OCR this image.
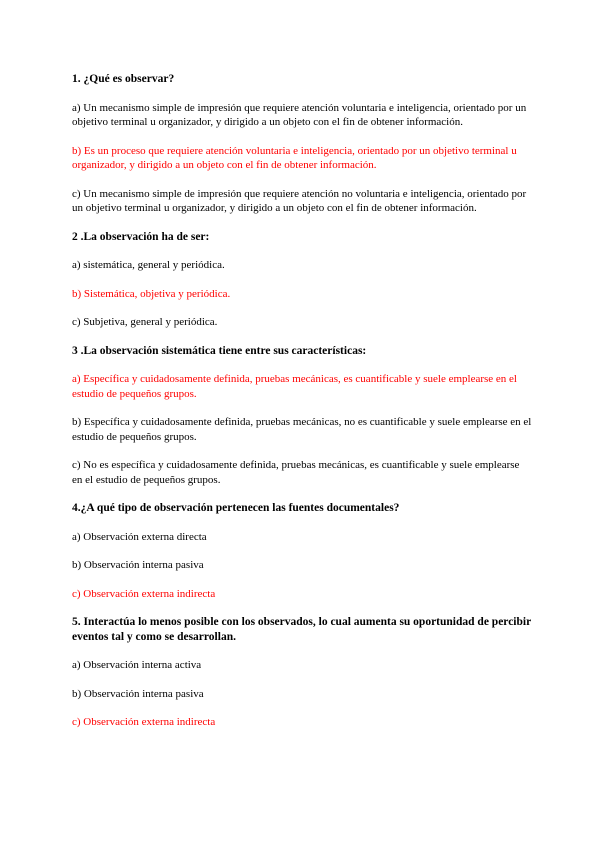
1. ¿Qué es observar?

a) Un mecanismo simple de impresión que requiere atención voluntaria e inteligencia, orientado por un objetivo terminal u organizador, y dirigido a un objeto con el fin de obtener información.

b) Es un proceso que requiere atención voluntaria e inteligencia, orientado por un objetivo terminal u organizador, y dirigido a un objeto con el fin de obtener información.

c) Un mecanismo simple de impresión que requiere atención no voluntaria e inteligencia, orientado por un objetivo terminal u organizador, y dirigido a un objeto con el fin de obtener información.

2 .La observación ha de ser:

a) sistemática, general y periódica.

b) Sistemática, objetiva y periódica.

c) Subjetiva, general y periódica.

3 .La observación sistemática tiene entre sus características:

a) Específica y cuidadosamente definida, pruebas mecánicas, es cuantificable y suele emplearse en el estudio de pequeños grupos.

b) Específica y cuidadosamente definida, pruebas mecánicas, no es cuantificable y suele emplearse en el estudio de pequeños grupos.

c) No es específica y cuidadosamente definida, pruebas mecánicas, es cuantificable y suele emplearse en el estudio de pequeños grupos.

4.¿A qué tipo de observación pertenecen las fuentes documentales?

a) Observación externa directa

b) Observación interna pasiva

c) Observación externa indirecta

5. Interactúa lo menos posible con los observados, lo cual aumenta su oportunidad de percibir eventos tal y como se desarrollan.

a) Observación interna activa

b) Observación interna pasiva

c) Observación externa indirecta
